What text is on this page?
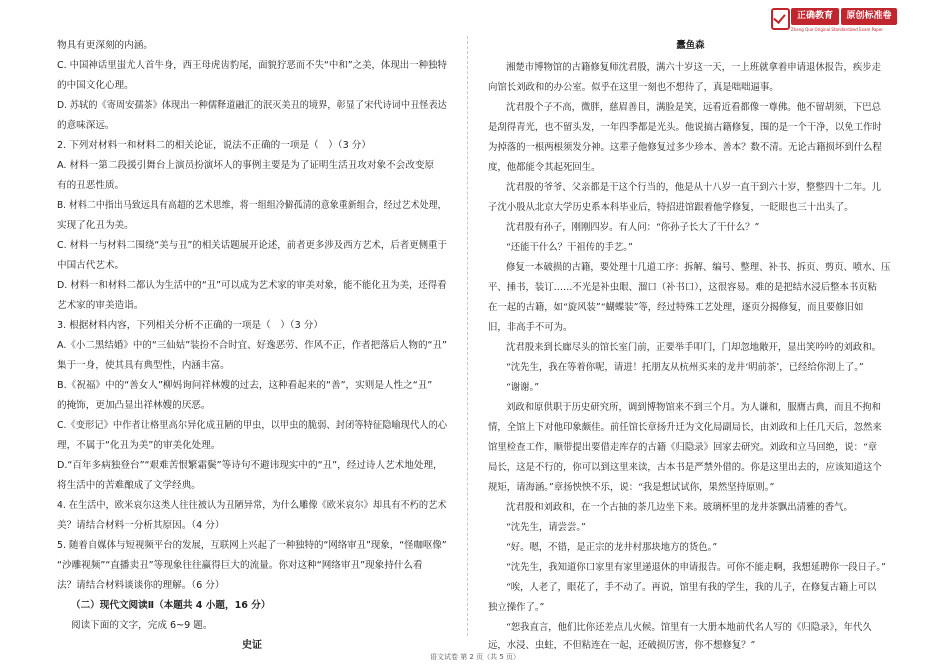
正确教育	原创标准卷
Zheng Que Original Standardized Exam Paper
物具有更深刻的内涵。
C. 中国神话里蚩尤人首牛身，西王母虎齿豹尾，面貌狞恶而不失“中和”之美，体现出一种独特
的中国文化心理。
D. 苏轼的《寄周安孺茶》体现出一种儒释道融汇的泯灭美丑的境界，彰显了宋代诗词中丑怪表达
的意味深远。
2. 下列对材料一和材料二的相关论证，说法不正确的一项是（　）（3 分）
A. 材料一第二段援引舞台上演员扮演坏人的事例主要是为了证明生活丑攻对象不会改变原
有的丑恶性质。
B. 材料二中指出马致远具有高超的艺术思维，将一组组冷僻孤清的意象重新组合，经过艺术处理，
实现了化丑为美。
C. 材料一与材料二围绕“美与丑”的相关话题展开论述，前者更多涉及西方艺术，后者更侧重于
中国古代艺术。
D. 材料一和材料二都认为生活中的“丑”可以成为艺术家的审美对象，能不能化丑为美，还得看
艺术家的审美造诣。
3. 根据材料内容，下列相关分析不正确的一项是（　）（3 分）
A.《小二黑结婚》中的“三仙姑”装扮不合时宜、好逸恶劳、作风不正，作者把落后人物的“丑”
集于一身，使其具有典型性，内涵丰富。
B.《祝福》中的“善女人”柳妈询问祥林嫂的过去，这种看起来的“善”，实则是人性之“丑”
的掩饰，更加凸显出祥林嫂的厌恶。
C.《变形记》中作者让格里高尔异化成丑陋的甲虫，以甲虫的脆弱、封闭等特征隐喻现代人的心
理，不属于“化丑为美”的审美化处理。
D.“百年多病独登台”“艰难苦恨繁霜鬓”等诗句不避讳现实中的“丑”，经过诗人艺术地处理，
将生活中的苦难酿成了文学经典。
4. 在生活中，欧米哀尔这类人往往被认为丑陋异常，为什么雕像《欧米哀尔》却具有不朽的艺术
美？请结合材料一分析其原因。（4 分）
5. 随着自媒体与短视频平台的发展，互联网上兴起了一种独特的“网络审丑”现象，“怪咖呕像”
“沙雕视频”“直播卖丑”等现象往往赢得巨大的流量。你对这种“网络审丑”现象持什么看
法？请结合材料谈谈你的理解。（6 分）
（二）现代文阅读Ⅱ（本题共 4 小题，16 分）
阅读下面的文字，完成 6~9 题。
史证
蠹鱼森
湘楚市博物馆的古籍修复师沈君殷，满六十岁这一天，一上班就拿着申请退休报告，疾步走
向馆长刘政和的办公室。似乎在这里一刻也不想待了，真是咄咄逼事。
沈君殷个子不高，微胖，慈眉善目，满脸是笑，远看近看都像一尊佛。他不留胡须，下巴总
是刮得青光，也不留头发，一年四季都是光头。他说搞古籍修复，围的是一个干净，以免工作时
为掉落的一根两根须发分神。这辈子他修复过多少珍本、善本？数不清。无论古籍损坏到什么程
度，他都能令其起死回生。
沈君殷的爷爷、父亲都是干这个行当的，他是从十八岁一直干到六十岁，整整四十二年。儿
子沈小殷从北京大学历史系本科毕业后，特招进馆跟着他学修复，一眨眼也三十出头了。
沈君殷有孙子，刚刚四岁。有人问：“你孙子长大了干什么？”
“还能干什么？干祖传的手艺。”
修复一本破损的古籍，要处理十几道工序：拆解、编号、整理、补书、拆页、剪页、喷水、压
平、捶书，装订……不光是补虫眼、溜口（补书口），这很容易。难的是把结水浸后整本书页粘
在一起的古籍，如“旋风装”“蝴蝶装”等，经过特殊工艺处理，逐页分揭修复，而且要修旧如
旧，非高手不可为。
沈君殷来到长廊尽头的馆长室门前，正要举手叩门，门却忽地敞开，显出笑吟吟的刘政和。
“沈先生，我在等着你呢，请进！托朋友从杭州买来的龙井‘明前茶’，已经给你沏上了。”
“谢谢。”
刘政和原供职于历史研究所，调到博物馆来不到三个月。为人谦和，服膺古典，而且不拘和
情，全馆上下对他印象颇佳。前任馆长章扬升迁为文化局副局长，由刘政和上任几天后，忽然来
馆里检查工作，顺带提出要借走库存的古籍《归隐录》回家去研究。刘政和立马回绝，说：“章
局长，这是不行的，你可以到这里来读，古本书是严禁外借的。你是这里出去的，应该知道这个
规矩，请海涵。”章扬怏怏不乐，说：“我是想试试你，果然坚持原则。”
沈君殷和刘政和，在一个古抽的茶几边坐下来。玻璃杯里的龙井茶飘出清雅的香气。
“沈先生，请尝尝。”
“好。嗯，不错，是正宗的龙井村那块地方的货色。”
“沈先生，我知道你口家里有家里递退休的申请报告。可你不能走啊，我想延聘你一段日子。”
“唉，人老了，眼花了，手不动了。再说，馆里有我的学生，我的儿子，在修复古籍上可以
独立操作了。”
“恕我直言，他们比你还差点儿火候。馆里有一大册本地前代名人写的《归隐录》，年代久
远，水浸、虫蛀，不但粘连在一起，还破损厉害，你不想修复？”
语文试卷 第 2 页（共 5 页）
